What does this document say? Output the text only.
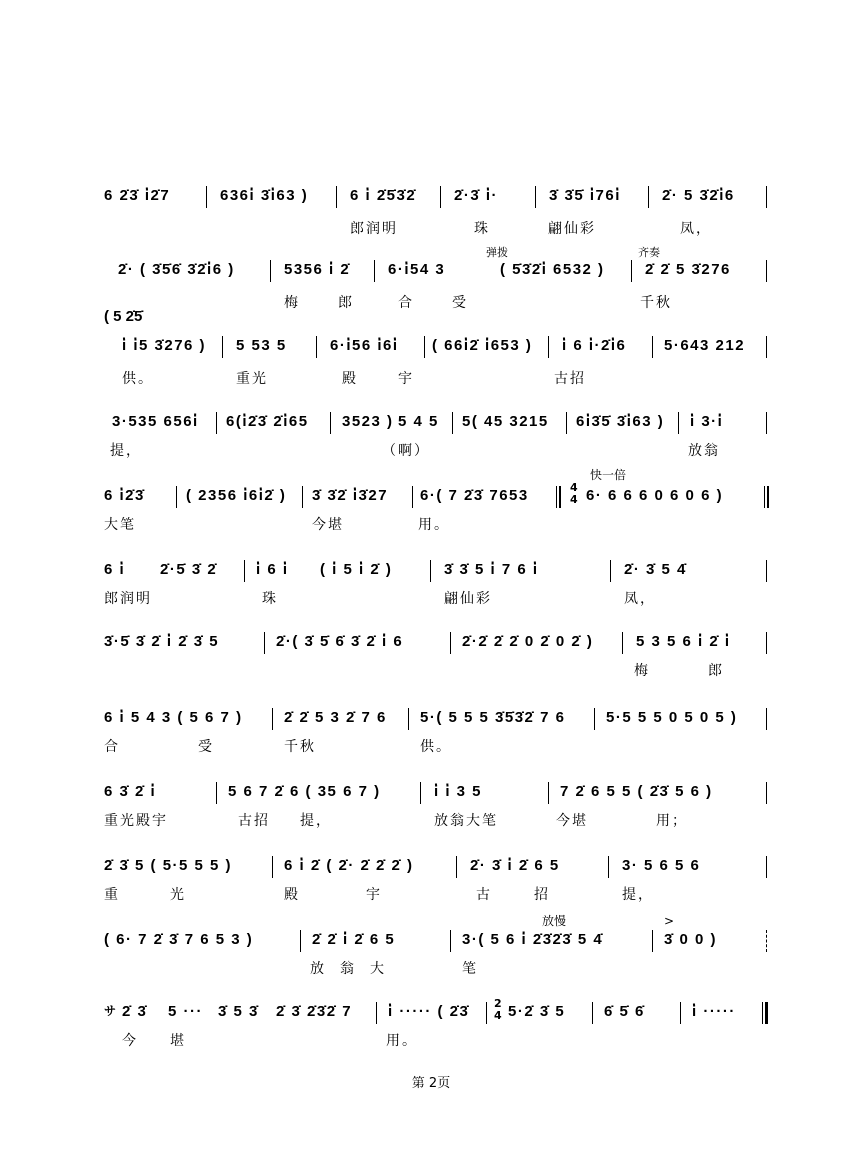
6 2̇3̇ i̇2̇7	636i̇ 3̇i̇63 )	6 i̇ 2̇5̇3̇2̇	2̇·3̇ i̇·	3̇ 3̇5̇ i̇76i̇	2̇· 5 3̇2̇i̇6
郎润明	珠	翩仙彩	凤，
弹拨	齐奏
2̇· ( 3̇5̇6̇ 3̇2̇i̇6 )	5356 i̇ 2̇	6·i̇54 3	( 5̇3̇2̇i̇ 6532 )	2̇ 2̇ 5 3̇276
梅	郎	合	受	千秋
( 5 2̇5̇
i̇ i̇5 3̇276 ) 5 53 5	6·i̇56 i̇6i̇ ( 66i̇2̇ i̇653 ) i̇ 6 i̇·2̇i̇6	5·643 212
供。	重光	殿	宇	古招
3·535 656i̇ 6(i̇2̇3̇ 2̇i̇65 3523 ) 5 4 5 5( 45 3215 6i̇3̇5̇ 3̇i̇63 ) i̇ 3·i̇
提，	（啊）	放翁
快一倍
6 i̇2̇3̇	( 2356 i̇6i̇2̇ ) 3̇ 3̇2̇ i̇3̇27 6·( 7 2̇3̇ 7653	4
4 6· 6 6 6 0 6 0 6 )
大笔	今堪	用。
6 i̇ 2̇·5̇ 3̇ 2̇	i̇ 6 i̇ ( i̇ 5 i̇ 2̇ )	3̇ 3̇ 5 i̇ 7 6 i̇	2̇· 3̇ 5 4̇
郎润明	珠	翩仙彩	凤，
3̇·5̇ 3̇ 2̇ i̇ 2̇ 3̇ 5	2̇·( 3̇ 5̇ 6̇ 3̇ 2̇ i̇ 6	2̇·2̇ 2̇ 2̇ 0 2̇ 0 2̇ )	5 3 5 6 i̇ 2̇ i̇
梅	郎
6 i̇ 5 4 3 ( 5 6 7 )	2̇ 2̇ 5 3 2̇ 7 6 5·( 5 5 5 3̇5̇3̇2̇ 7 6	5·5 5 5 0 5 0 5 )
合	受	千秋	供。
6 3̇ 2̇ i̇	5 6 7 2̇ 6 ( 35 6 7 )	i̇ i̇ 3 5	7 2̇ 6 5 5 ( 2̇3̇ 5 6 )
重光殿宇	古招 提，	放翁大笔	今堪	用；
2̇ 3̇ 5 ( 5·5 5 5 )	6 i̇ 2̇ ( 2̇· 2̇ 2̇ 2̇ )	2̇· 3̇ i̇ 2̇ 6 5	3· 5 6 5 6
重	光	殿	宇	古	招	提，
放慢	>
( 6· 7 2̇ 3̇ 7 6 5 3 )	2̇ 2̇ i̇ 2̇ 6 5	3·( 5 6 i̇ 2̇3̇2̇3̇ 5 4̇	3̇ 0 0 )
放 翁 大	笔
サ 2̇ 3̇ 5 ··· 3̇ 5 3̇ 2̇ 3̇ 2̇3̇2̇ 7 i̇ ····· ( 2̇3̇ 2
4 5·2̇ 3̇ 5	6̇ 5̇ 6̇	i̇ ·····
今 堪	用。
第 2页
